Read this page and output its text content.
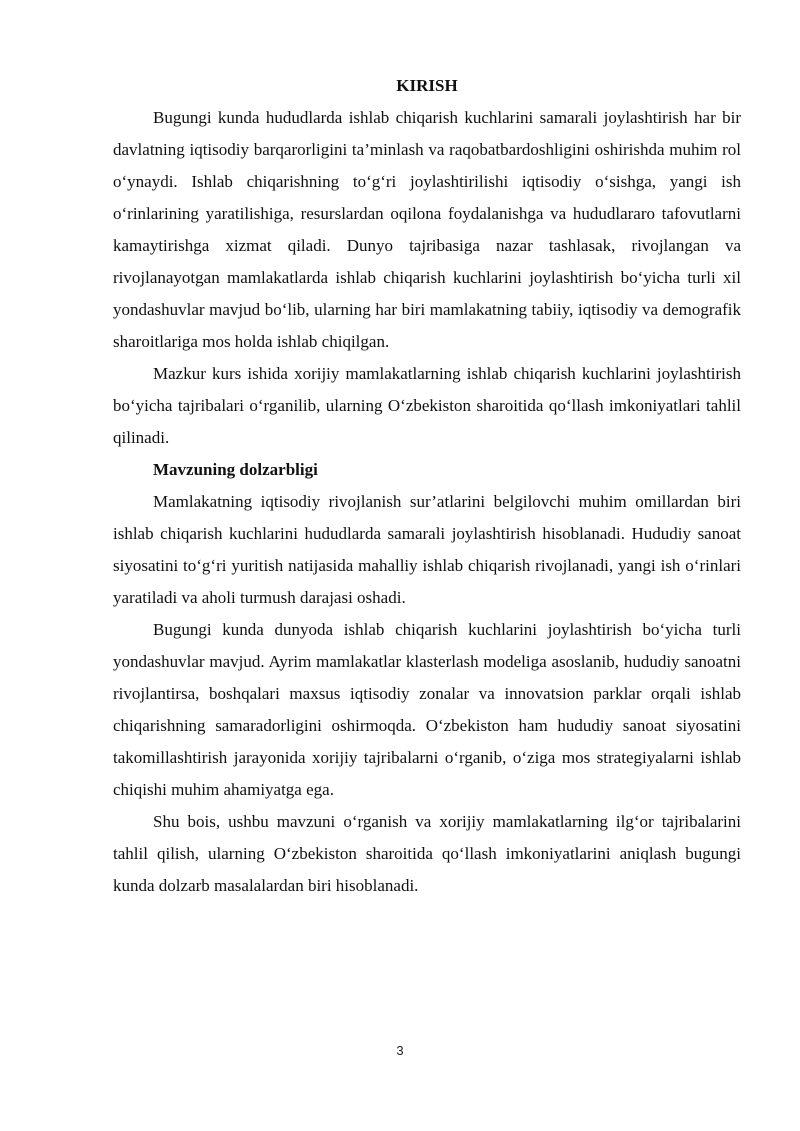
KIRISH

Bugungi kunda hududlarda ishlab chiqarish kuchlarini samarali joylashtirish har bir davlatning iqtisodiy barqarorligini ta’minlash va raqobatbardoshligini oshirishda muhim rol o‘ynaydi. Ishlab chiqarishning to‘g‘ri joylashtirilishi iqtisodiy o‘sishga, yangi ish o‘rinlarining yaratilishiga, resurslardan oqilona foydalanishga va hududlararo tafovutlarni kamaytirishga xizmat qiladi. Dunyo tajribasiga nazar tashlasak, rivojlangan va rivojlanayotgan mamlakatlarda ishlab chiqarish kuchlarini joylashtirish bo‘yicha turli xil yondashuvlar mavjud bo‘lib, ularning har biri mamlakatning tabiiy, iqtisodiy va demografik sharoitlariga mos holda ishlab chiqilgan.

Mazkur kurs ishida xorijiy mamlakatlarning ishlab chiqarish kuchlarini joylashtirish bo‘yicha tajribalari o‘rganilib, ularning O‘zbekiston sharoitida qo‘llash imkoniyatlari tahlil qilinadi.

Mavzuning dolzarbligi

Mamlakatning iqtisodiy rivojlanish sur’atlarini belgilovchi muhim omillardan biri ishlab chiqarish kuchlarini hududlarda samarali joylashtirish hisoblanadi. Hududiy sanoat siyosatini to‘g‘ri yuritish natijasida mahalliy ishlab chiqarish rivojlanadi, yangi ish o‘rinlari yaratiladi va aholi turmush darajasi oshadi.

Bugungi kunda dunyoda ishlab chiqarish kuchlarini joylashtirish bo‘yicha turli yondashuvlar mavjud. Ayrim mamlakatlar klasterlash modeliga asoslanib, hududiy sanoatni rivojlantirsa, boshqalari maxsus iqtisodiy zonalar va innovatsion parklar orqali ishlab chiqarishning samaradorligini oshirmoqda. O‘zbekiston ham hududiy sanoat siyosatini takomillashtirish jarayonida xorijiy tajribalarni o‘rganib, o‘ziga mos strategiyalarni ishlab chiqishi muhim ahamiyatga ega.

Shu bois, ushbu mavzuni o‘rganish va xorijiy mamlakatlarning ilg‘or tajribalarini tahlil qilish, ularning O‘zbekiston sharoitida qo‘llash imkoniyatlarini aniqlash bugungi kunda dolzarb masalalardan biri hisoblanadi.

3
